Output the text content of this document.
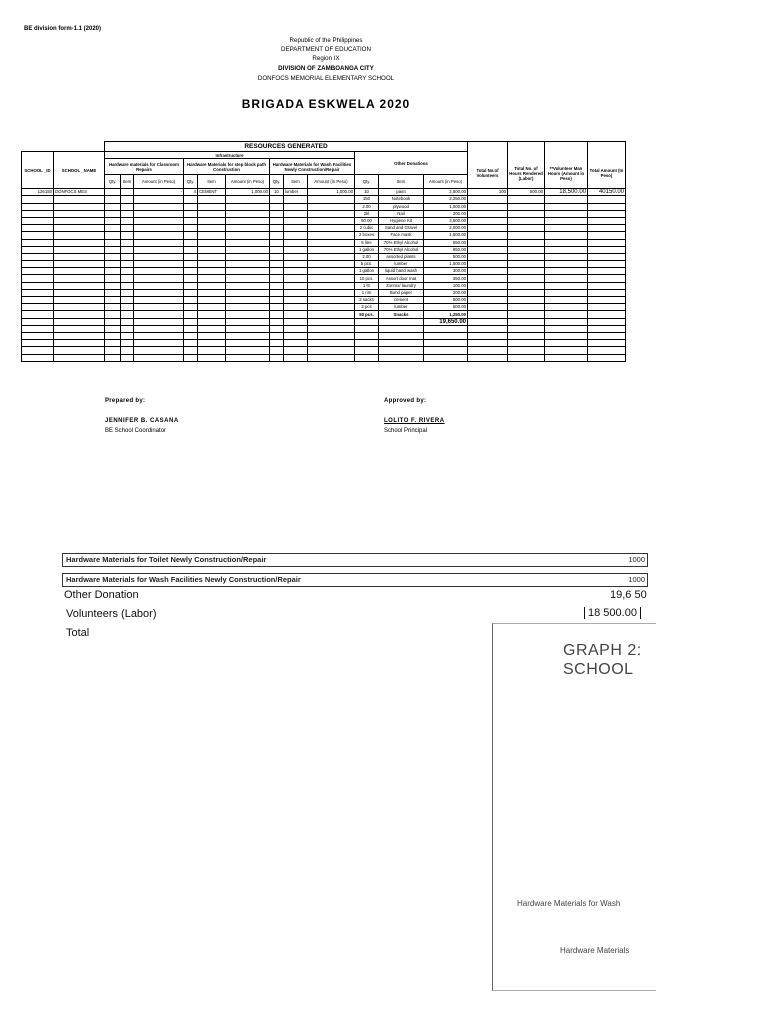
BE division form-1.1 (2020)
Republic of the Philippines
DEPARTMENT OF EDUCATION
Region IX
DIVISION OF ZAMBOANGA CITY
DONFOCS MEMORIAL ELEMENTARY SCHOOL
BRIGADA ESKWELA 2020
		RESOURCES GENERATED															
SCHOOL _ID	SCHOOL _NAME	Infrastructure									Other Donations						
		Hardware materials for Classroom Repairs			Hardware Materials for step block path Construction			Hardware Materials for Wash Facilities Newly Construction/Repair						Total No.of Volunteers	Total No. of Hours Rendered (Labor)	**Volunteer Man Hours (Amount in Peso)	Total Amount (In Peso)
		Qty.	Item	Amount (in Peso)	Qty.	Item	Amount (in Peso)	Qty.	Item	Amount (in Peso)	Qty.	Item	Amount (in Peso)				
126150	DONFOCS MES			-	4	CEMENT	1,000.00	10	lumber	1,000.00	10	paint	2,500.00	100	500.00	18,500.00	40150.00
											150	Notebook	2,250.00				
											2.00	plywood	1,000.00				
											2kl	Nail	200.00				
											50.00	Hygiene Kit	3,500.00				
											2 cubic	Sand and Gravel	2,000.00				
											2 boxes	Face mask	1,500.00				
											5 litre	70% Ethyl Alcohol	650.00				
											1 gallon	70% Ethyl Alcohol	850.00				
											2.00	assorted plants	500.00				
											5 pcs.	lumber	1,500.00				
											1 gallon	liquid hand wash	300.00				
											10 pcs.	Assort door mat	350.00				
											1 ltr	Zonrox/ laundry	100.00				
											1 rim	Bond paper	200.00				
											2 sacks	cement	500.00				
											2 pcs	lumber	500.00				
											50 pcs.	Snacks	1,250.00				
													19,650.00				

Prepared by:
JENNIFER B. CASANA
BE School Coordinator
Approved by:
LOLITO F. RIVERA
School Principal
Hardware Materials for Toilet Newly Construction/Repair	1000
Hardware Materials for Wash Facilities Newly Construction/Repair	1000
Other Donation	19,6 50
Volunteers (Labor)	18 500.00
Total
GRAPH 2:
SCHOOL
Hardware Materials for Wash
Hardware Materials
